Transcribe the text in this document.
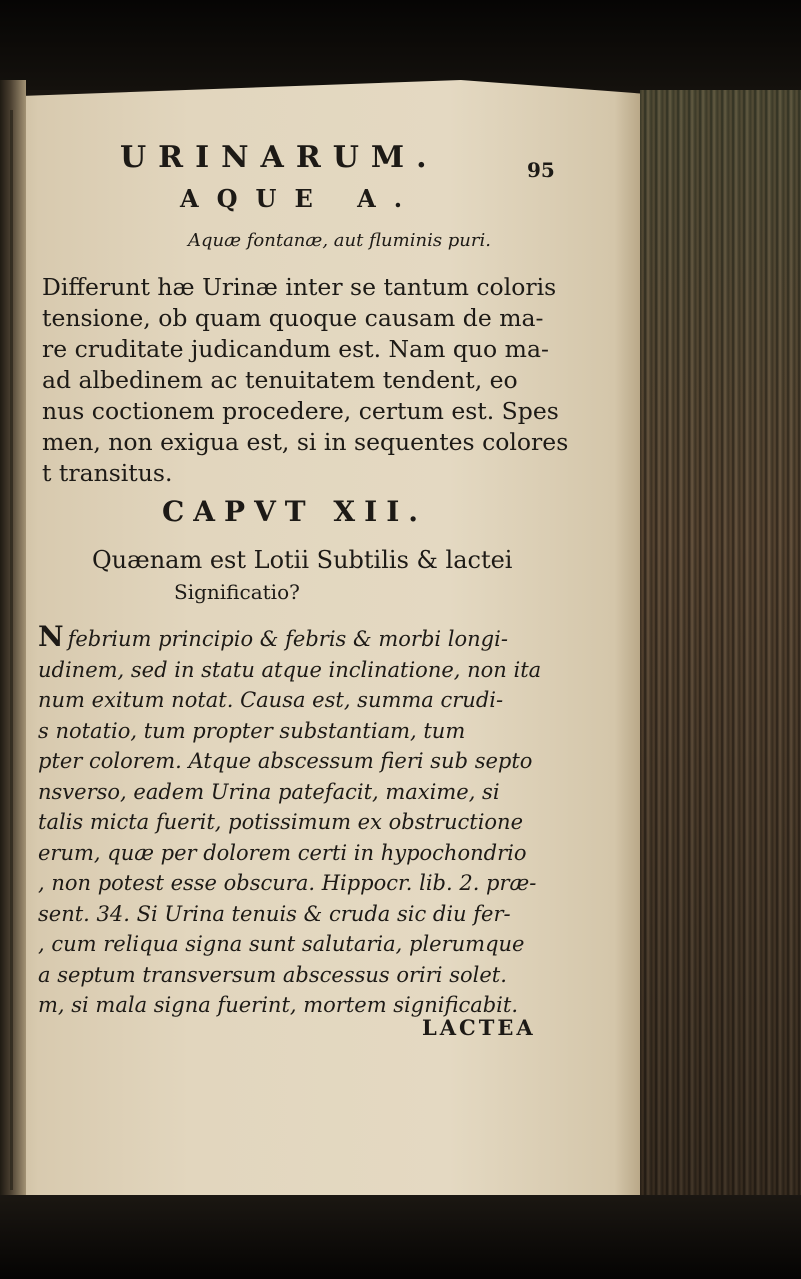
URINARUM.	95
AQUE A.
Aquæ fontanæ, aut fluminis puri.
Differunt hæ Urinæ inter se tantum coloris
tensione, ob quam quoque causam de ma-
re cruditate judicandum est. Nam quo ma-
ad albedinem ac tenuitatem tendent, eo
nus coctionem procedere, certum est. Spes
men, non exigua est, si in sequentes colores
t transitus.
CAPVT XII.
Quænam est Lotii Subtilis & lactei
Significatio?
N febrium principio & febris & morbi longi-
udinem, sed in statu atque inclinatione, non ita
num exitum notat. Causa est, summa crudi-
s notatio, tum propter substantiam, tum
pter colorem. Atque abscessum fieri sub septo
nsverso, eadem Urina patefacit, maxime, si
talis micta fuerit, potissimum ex obstructione
erum, quæ per dolorem certi in hypochondrio
, non potest esse obscura. Hippocr. lib. 2. præ-
sent. 34. Si Urina tenuis & cruda sic diu fer-
, cum reliqua signa sunt salutaria, plerumque
a septum transversum abscessus oriri solet.
m, si mala signa fuerint, mortem significabit.
LACTEA
